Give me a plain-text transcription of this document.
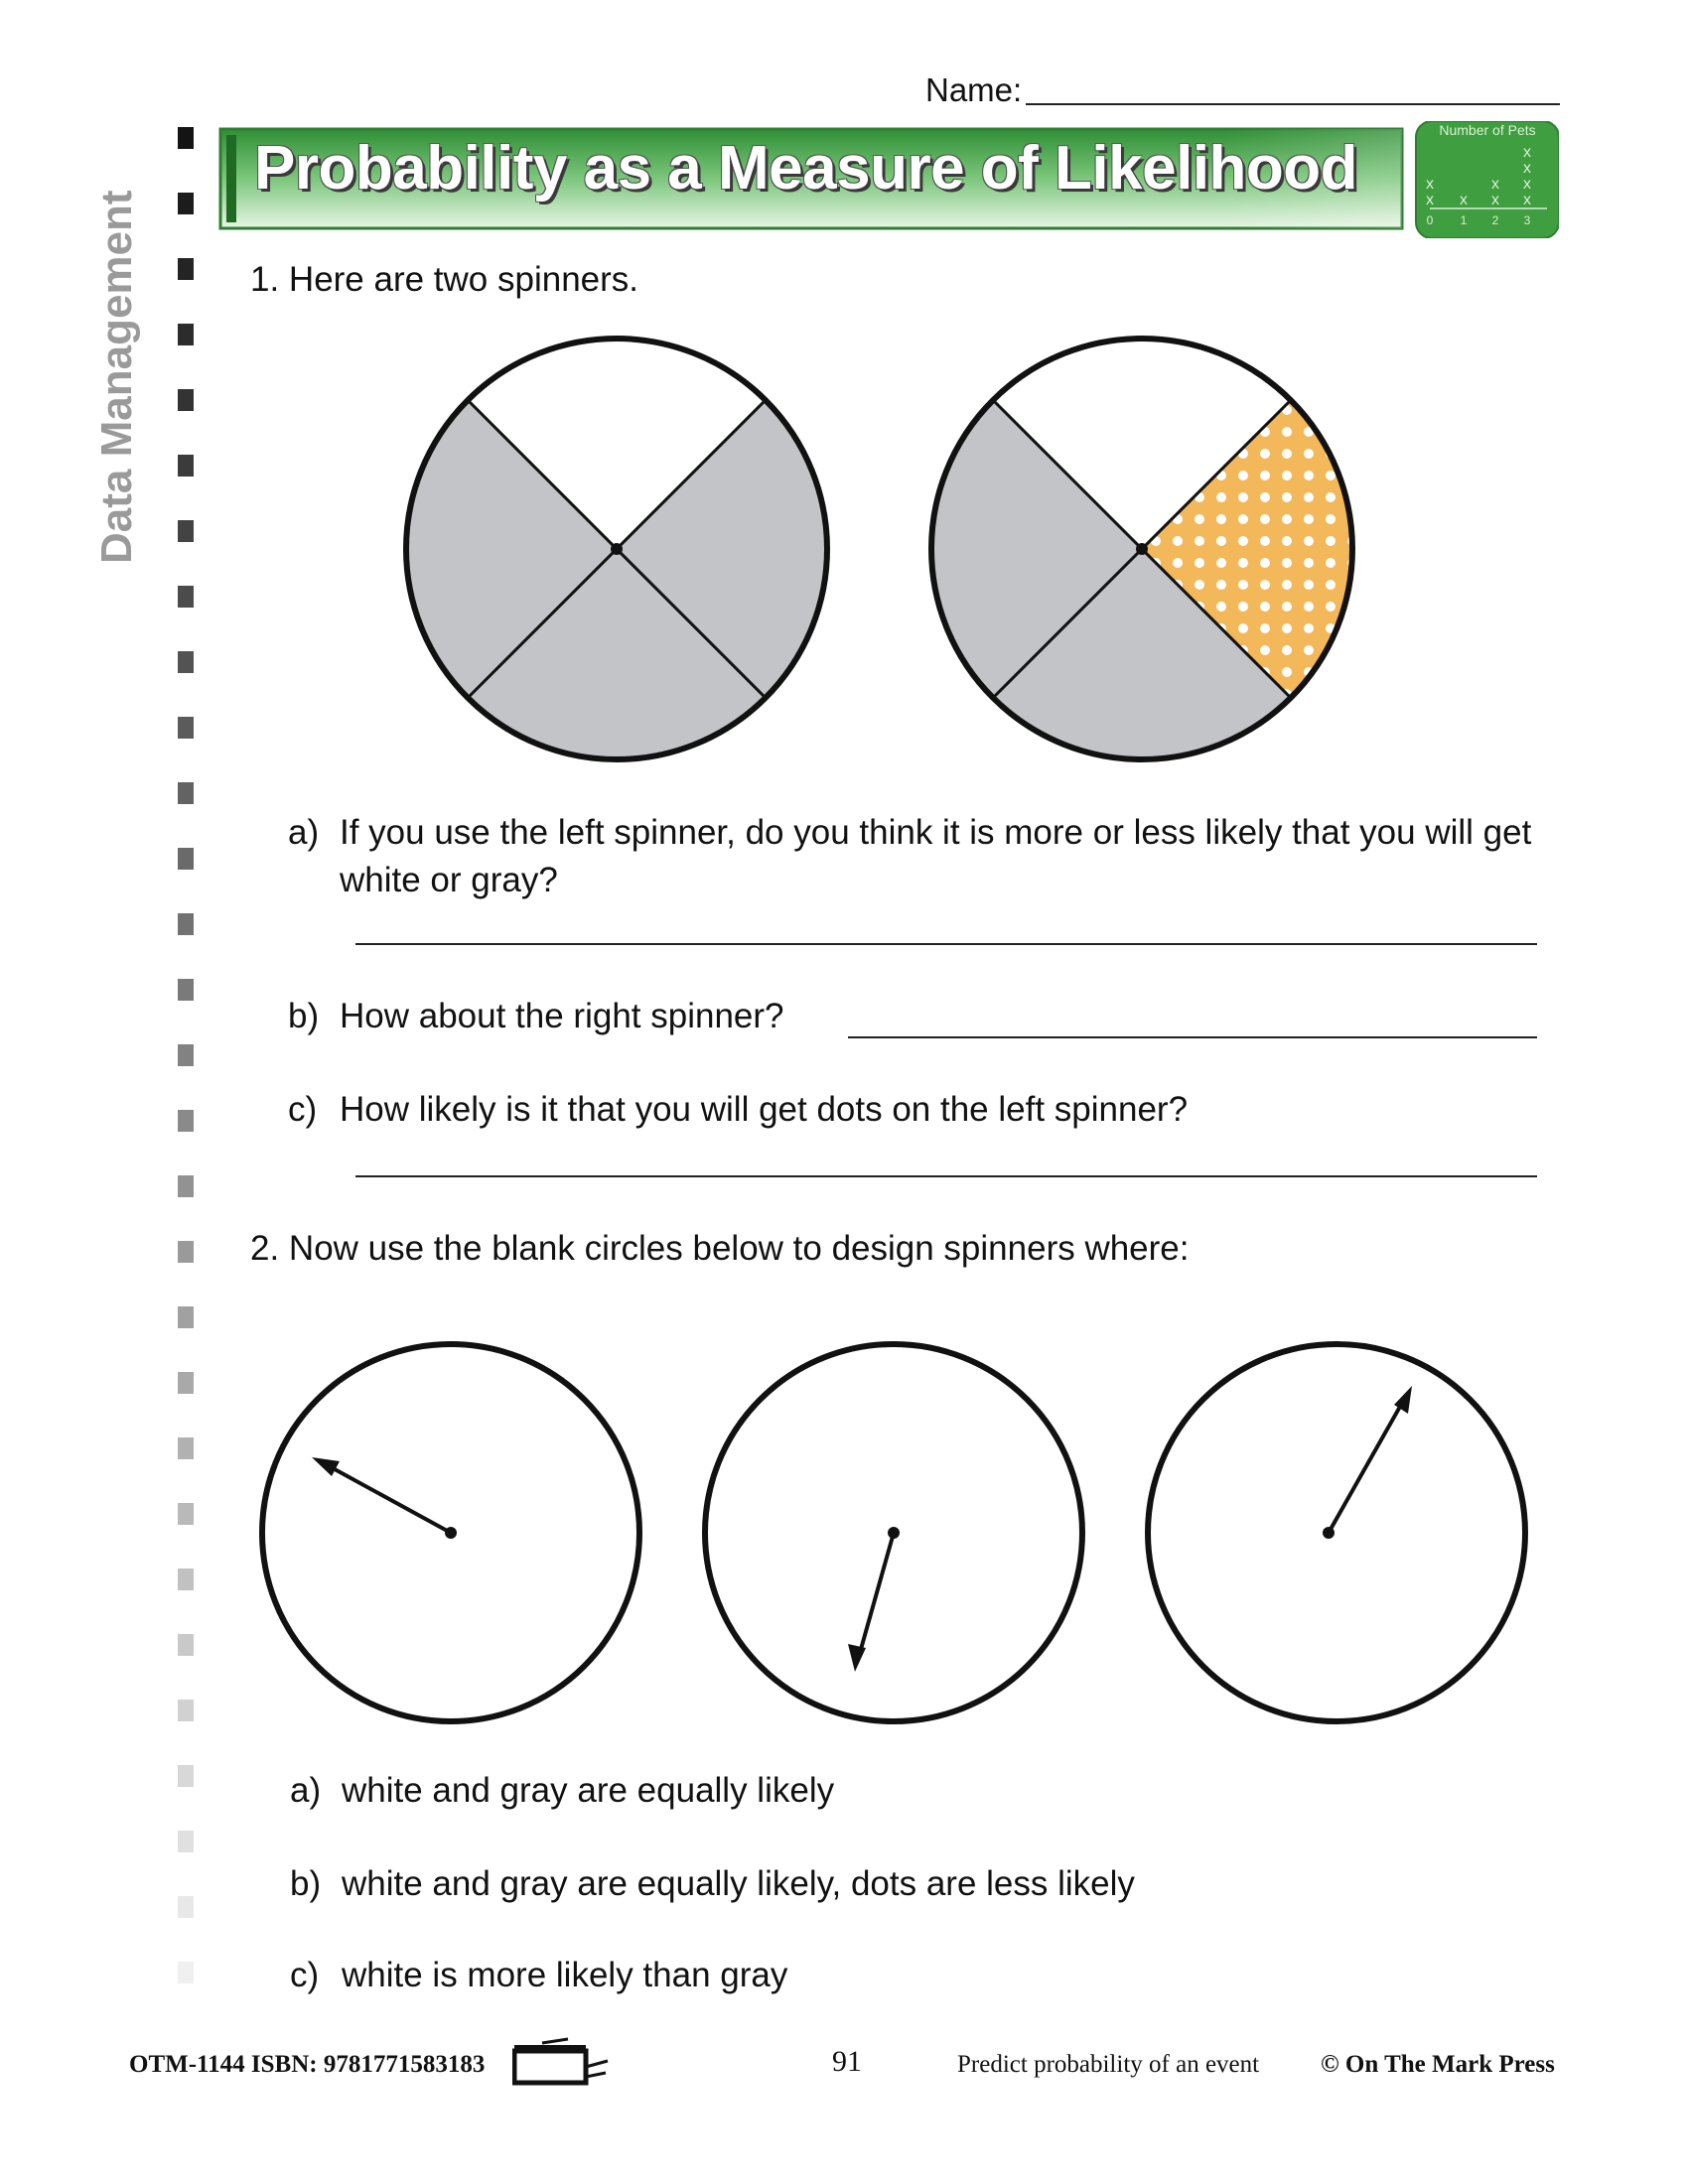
Name:
Data Management
Probability as a Measure of Likelihood
Number of Pets
x
x
x x
x
x
x
x
x
0 1 2 3
1. Here are two spinners.
a) If you use the left spinner, do you think it is more or less likely that you will get white or gray?
b) How about the right spinner?
c) How likely is it that you will get dots on the left spinner?
2. Now use the blank circles below to design spinners where:
a) white and gray are equally likely
b) white and gray are equally likely, dots are less likely
c) white is more likely than gray
OTM-1144 ISBN: 9781771583183	91	Predict probability of an event © On The Mark Press
